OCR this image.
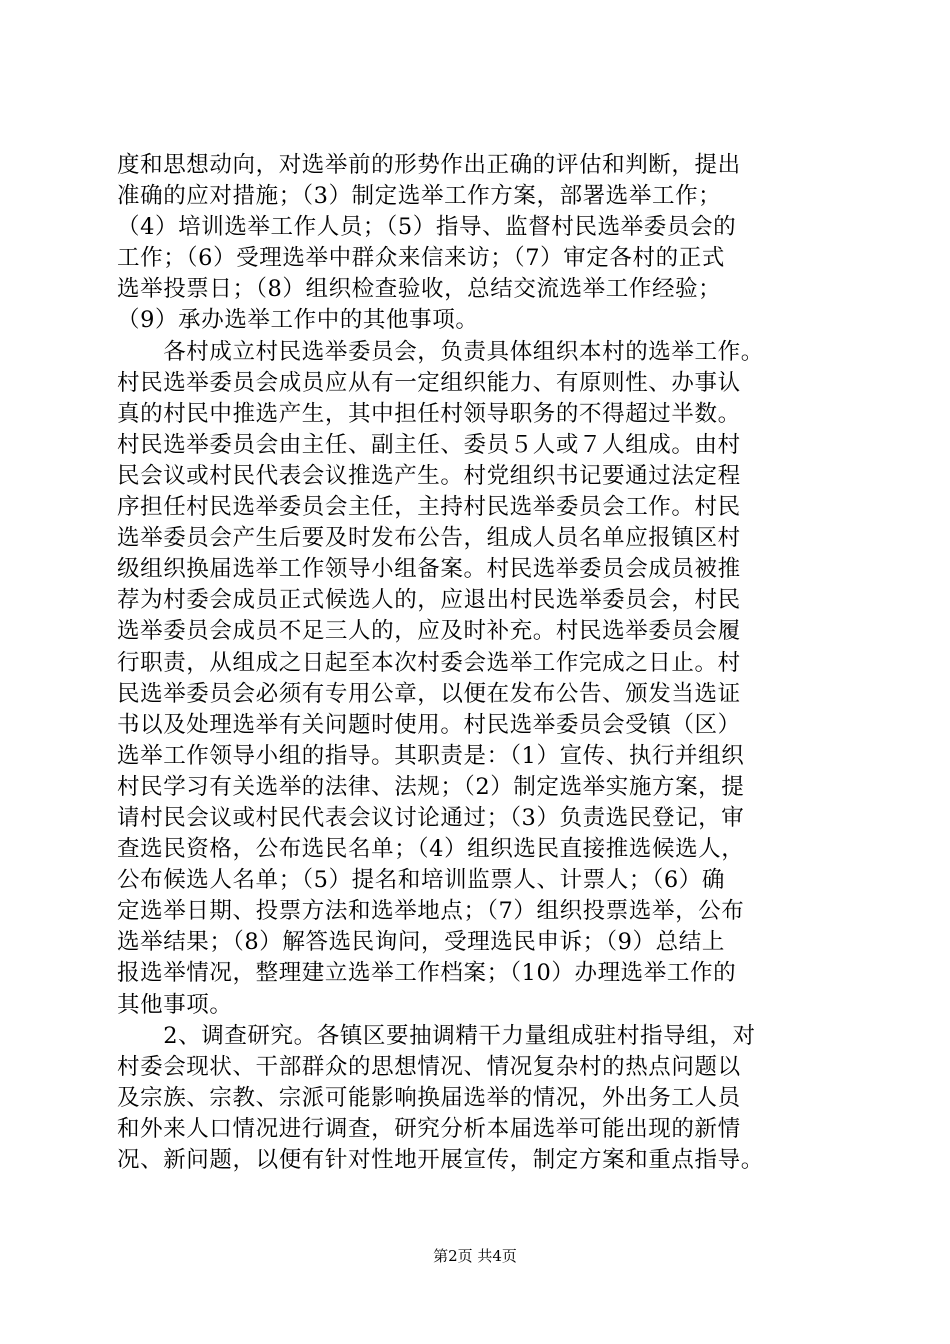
度和思想动向，对选举前的形势作出正确的评估和判断，提出
准确的应对措施；（3）制定选举工作方案，部署选举工作；
（4）培训选举工作人员；（5）指导、监督村民选举委员会的
工作；（6）受理选举中群众来信来访；（7）审定各村的正式
选举投票日；（8）组织检查验收，总结交流选举工作经验；
（9）承办选举工作中的其他事项。
　　各村成立村民选举委员会，负责具体组织本村的选举工作。
村民选举委员会成员应从有一定组织能力、有原则性、办事认
真的村民中推选产生，其中担任村领导职务的不得超过半数。
村民选举委员会由主任、副主任、委员５人或７人组成。由村
民会议或村民代表会议推选产生。村党组织书记要通过法定程
序担任村民选举委员会主任，主持村民选举委员会工作。村民
选举委员会产生后要及时发布公告，组成人员名单应报镇区村
级组织换届选举工作领导小组备案。村民选举委员会成员被推
荐为村委会成员正式候选人的，应退出村民选举委员会，村民
选举委员会成员不足三人的，应及时补充。村民选举委员会履
行职责，从组成之日起至本次村委会选举工作完成之日止。村
民选举委员会必须有专用公章，以便在发布公告、颁发当选证
书以及处理选举有关问题时使用。村民选举委员会受镇（区）
选举工作领导小组的指导。其职责是：（1）宣传、执行并组织
村民学习有关选举的法律、法规；（2）制定选举实施方案，提
请村民会议或村民代表会议讨论通过；（3）负责选民登记，审
查选民资格，公布选民名单；（4）组织选民直接推选候选人，
公布候选人名单；（5）提名和培训监票人、计票人；（6）确
定选举日期、投票方法和选举地点；（7）组织投票选举，公布
选举结果；（8）解答选民询问，受理选民申诉；（9）总结上
报选举情况，整理建立选举工作档案；（10）办理选举工作的
其他事项。
　　2、调查研究。各镇区要抽调精干力量组成驻村指导组，对
村委会现状、干部群众的思想情况、情况复杂村的热点问题以
及宗族、宗教、宗派可能影响换届选举的情况，外出务工人员
和外来人口情况进行调查，研究分析本届选举可能出现的新情
况、新问题，以便有针对性地开展宣传，制定方案和重点指导。
第2页 共4页
